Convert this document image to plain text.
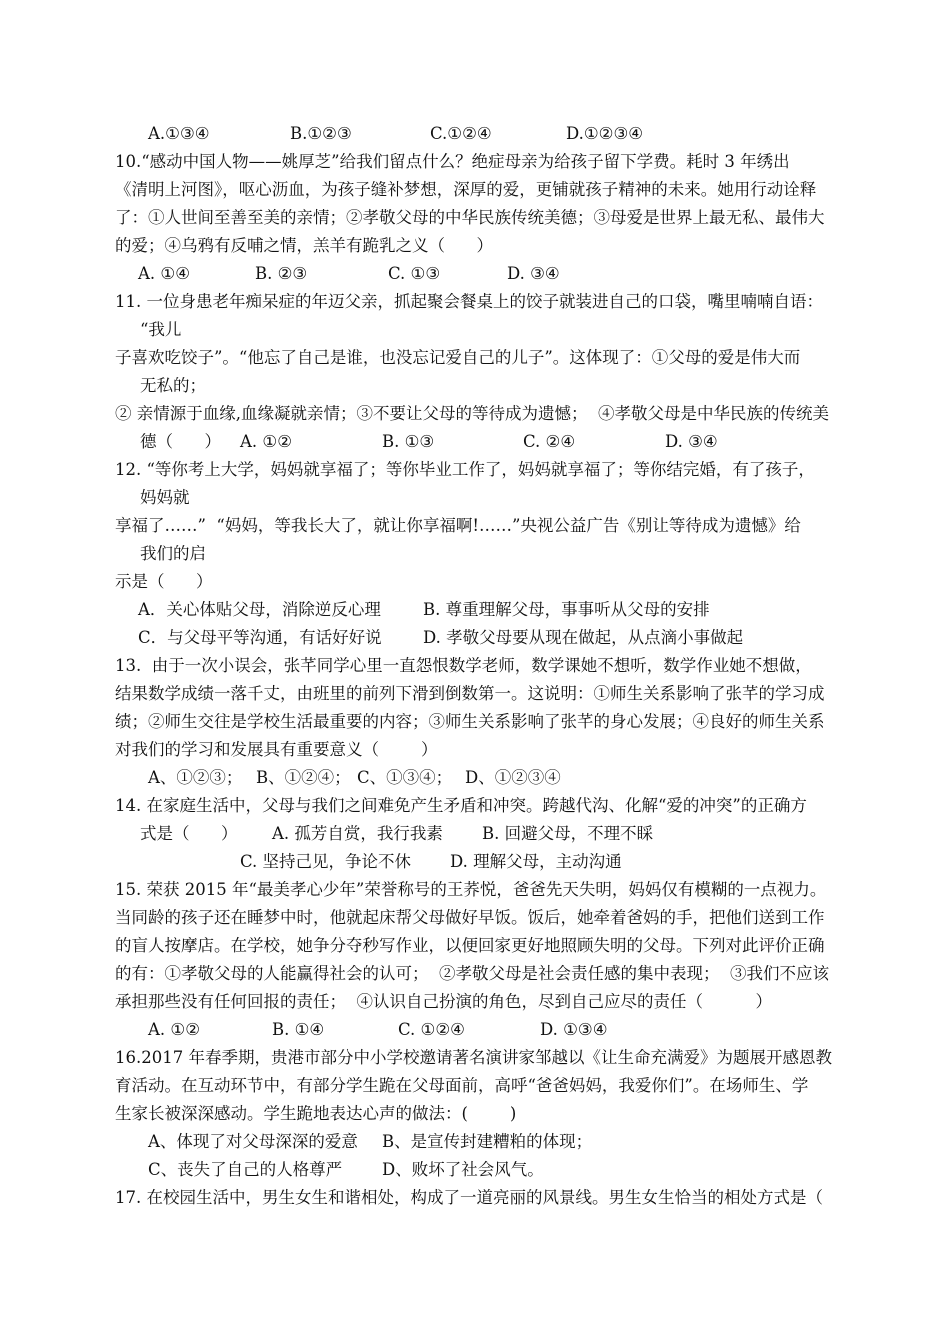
A.①③④	B.①②③	C.①②④	D.①②③④
10.“感动中国人物——姚厚芝”给我们留点什么？绝症母亲为给孩子留下学费。耗时 3 年绣出
《清明上河图》，呕心沥血，为孩子缝补梦想，深厚的爱，更铺就孩子精神的未来。她用行动诠释
了：①人世间至善至美的亲情；②孝敬父母的中华民族传统美德；③母爱是世界上最无私、最伟大
的爱；④乌鸦有反哺之情，羔羊有跪乳之义（      ）
A. ①④	B. ②③	C. ①③	D. ③④
11. 一位身患老年痴呆症的年迈父亲，抓起聚会餐桌上的饺子就装进自己的口袋，嘴里喃喃自语：
“我儿
子喜欢吃饺子”。“他忘了自己是谁，也没忘记爱自己的儿子”。这体现了：①父母的爱是伟大而
无私的；
② 亲情源于血缘,血缘凝就亲情；③不要让父母的等待成为遗憾；  ④孝敬父母是中华民族的传统美
德（      ） A. ①②	B. ①③	C. ②④	D. ③④
12. “等你考上大学，妈妈就享福了；等你毕业工作了，妈妈就享福了；等你结完婚，有了孩子，
妈妈就
享福了……”  “妈妈，等我长大了，就让你享福啊!……”央视公益广告《别让等待成为遗憾》给
我们的启
示是（      ）
A．关心体贴父母，消除逆反心理	B. 尊重理解父母，事事听从父母的安排
C．与父母平等沟通，有话好好说	D. 孝敬父母要从现在做起，从点滴小事做起
13.  由于一次小误会，张芊同学心里一直怨恨数学老师，数学课她不想听，数学作业她不想做，
结果数学成绩一落千丈，由班里的前列下滑到倒数第一。这说明：①师生关系影响了张芊的学习成
绩；②师生交往是学校生活最重要的内容；③师生关系影响了张芊的身心发展；④良好的师生关系
对我们的学习和发展具有重要意义（        ）
A、①②③； B、①②④； C、①③④； D、①②③④
14. 在家庭生活中，父母与我们之间难免产生矛盾和冲突。跨越代沟、化解“爱的冲突”的正确方
式是（      ） A. 孤芳自赏，我行我素 B. 回避父母，不理不睬
C. 坚持己见，争论不休 D. 理解父母，主动沟通
15. 荣获 2015 年“最美孝心少年”荣誉称号的王荞悦，爸爸先天失明，妈妈仅有模糊的一点视力。
当同龄的孩子还在睡梦中时，他就起床帮父母做好早饭。饭后，她牵着爸妈的手，把他们送到工作
的盲人按摩店。在学校，她争分夺秒写作业，以便回家更好地照顾失明的父母。下列对此评价正确
的有：①孝敬父母的人能赢得社会的认可；  ②孝敬父母是社会责任感的集中表现；  ③我们不应该
承担那些没有任何回报的责任；  ④认识自己扮演的角色，尽到自己应尽的责任（          ）
A. ①②	B. ①④	C. ①②④	D. ①③④
16.2017 年春季期，贵港市部分中小学校邀请著名演讲家邹越以《让生命充满爱》为题展开感恩教
育活动。在互动环节中，有部分学生跪在父母面前，高呼“爸爸妈妈，我爱你们”。在场师生、学
生家长被深深感动。学生跪地表达心声的做法：(        )
A、体现了对父母深深的爱意 B、是宣传封建糟粕的体现；
C、丧失了自己的人格尊严 D、败坏了社会风气。
17. 在校园生活中，男生女生和谐相处，构成了一道亮丽的风景线。男生女生恰当的相处方式是（
